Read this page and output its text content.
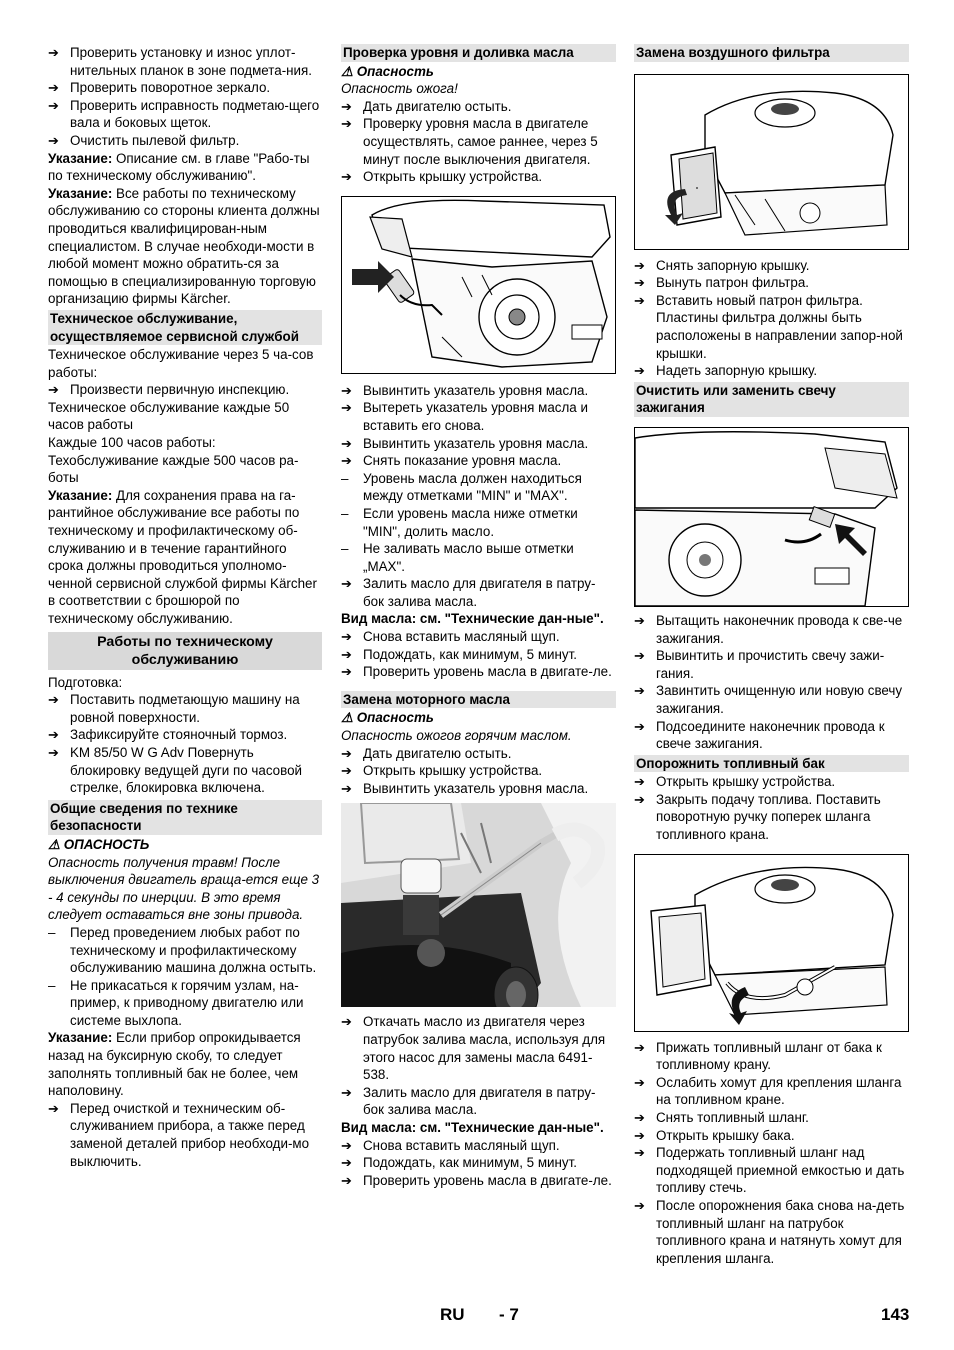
➔ Проверить установку и износ уплот-нительных планок в зоне подмета-ния.

➔ Проверить поворотное зеркало.

➔ Проверить исправность подметаю-щего вала и боковых щеток.

➔ Очистить пылевой фильтр.

Указание: Описание см. в главе "Рабо-ты по техническому обслуживанию".

Указание: Все работы по техническому обслуживанию со стороны клиента должны проводиться квалифицирован-ным специалистом. В случае необходи-мости в любой момент можно обратить-ся за помощью в специализированную торговую организацию фирмы Kärcher.

Техническое обслуживание, осуществляемое сервисной службой

Техническое обслуживание через 5 ча-сов работы:

➔ Произвести первичную инспекцию.

Техническое обслуживание каждые 50 часов работы

Каждые 100 часов работы:

Техобслуживание каждые 500 часов ра-боты

Указание: Для сохранения права на га-рантийное обслуживание все работы по техническому и профилактическому об-служиванию и в течение гарантийного срока должны проводиться уполномо-ченной сервисной службой фирмы Kärcher в соответствии с брошюрой по техническому обслуживанию.

Работы по техническому обслуживанию

Подготовка:

➔ Поставить подметающую машину на ровной поверхности.

➔ Зафиксируйте стояночный тормоз.

➔ KM 85/50 W G Adv Повернуть блокировку ведущей дуги по часовой стрелке, блокировка включена.

Общие сведения по технике безопасности

⚠ ОПАСНОСТЬ

Опасность получения травм! После выключения двигатель враща-ется еще 3 - 4 секунды по инерции. В это время следует оставаться вне зоны привода.

–	Перед проведением любых работ по техническому и профилактическому обслуживанию машина должна остыть.

–	Не прикасаться к горячим узлам, на-пример, к приводному двигателю или системе выхлопа.

Указание: Если прибор опрокидывается назад на буксирную скобу, то следует заполнять топливный бак не более, чем наполовину.

➔ Перед очисткой и техническим об-служиванием прибора, а также перед заменой деталей прибор необходи-мо выключить.

Проверка уровня и доливка масла

⚠ Опасность

Опасность ожога!

➔ Дать двигателю остыть.

➔ Проверку уровня масла в двигателе осуществлять, самое раннее, через 5 минут после выключения двигателя.

➔ Открыть крышку устройства.

➔ Вывинтить указатель уровня масла.

➔ Вытереть указатель уровня масла и вставить его снова.

➔ Вывинтить указатель уровня масла.

➔ Снять показание уровня масла.

–	Уровень масла должен находиться между отметками "MIN" и "MAX".

–	Если уровень масла ниже отметки "MIN", долить масло.

–	Не заливать масло выше отметки „MAX".

➔ Залить масло для двигателя в патру-бок залива масла.

Вид масла: см. "Технические дан-ные".

➔ Снова вставить масляный щуп.

➔ Подождать, как минимум, 5 минут.

➔ Проверить уровень масла в двигате-ле.

Замена моторного масла

⚠ Опасность

Опасность ожогов горячим маслом.

➔ Дать двигателю остыть.

➔ Открыть крышку устройства.

➔ Вывинтить указатель уровня масла.

➔ Откачать масло из двигателя через патрубок залива масла, используя для этого насос для замены масла 6491-538.

➔ Залить масло для двигателя в патру-бок залива масла.

Вид масла: см. "Технические дан-ные".

➔ Снова вставить масляный щуп.

➔ Подождать, как минимум, 5 минут.

➔ Проверить уровень масла в двигате-ле.

Замена воздушного фильтра

➔ Снять запорную крышку.

➔ Вынуть патрон фильтра.

➔ Вставить новый патрон фильтра. Пластины фильтра должны быть расположены в направлении запор-ной крышки.

➔ Надеть запорную крышку.

Очистить или заменить свечу зажигания

➔ Вытащить наконечник провода к све-че зажигания.

➔ Вывинтить и прочистить свечу зажи-гания.

➔ Завинтить очищенную или новую свечу зажигания.

➔ Подсоедините наконечник провода к свече зажигания.

Опорожнить топливный бак

➔ Открыть крышку устройства.

➔ Закрыть подачу топлива. Поставить поворотную ручку поперек шланга топливного крана.

➔ Прижать топливный шланг от бака к топливному крану.

➔ Ослабить хомут для крепления шланга на топливном кране.

➔ Снять топливный шланг.

➔ Открыть крышку бака.

➔ Подержать топливный шланг над подходящей приемной емкостью и дать топливу стечь.

➔ После опорожнения бака снова на-деть топливный шланг на патрубок топливного крана и натянуть хомут для крепления шланга.

RU - 7	143
